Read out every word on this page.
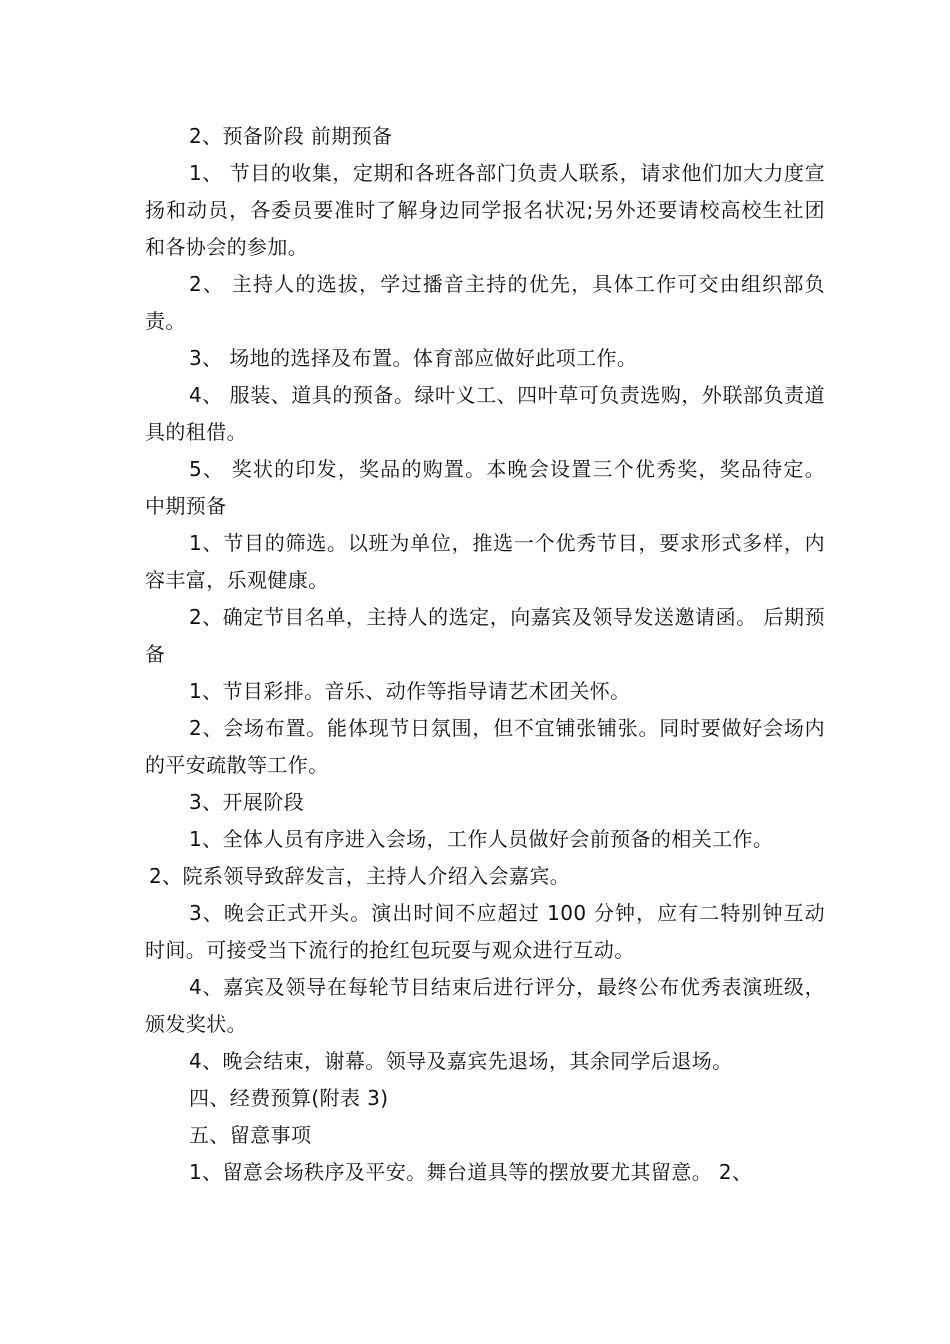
2、预备阶段 前期预备

1、 节目的收集，定期和各班各部门负责人联系，请求他们加大力度宣扬和动员，各委员要准时了解身边同学报名状况;另外还要请校高校生社团和各协会的参加。

2、 主持人的选拔，学过播音主持的优先，具体工作可交由组织部负责。

3、 场地的选择及布置。体育部应做好此项工作。

4、 服装、道具的预备。绿叶义工、四叶草可负责选购，外联部负责道具的租借。

5、 奖状的印发，奖品的购置。本晚会设置三个优秀奖，奖品待定。 中期预备

1、节目的筛选。以班为单位，推选一个优秀节目，要求形式多样，内容丰富，乐观健康。

2、确定节目名单，主持人的选定，向嘉宾及领导发送邀请函。 后期预备

1、节目彩排。音乐、动作等指导请艺术团关怀。

2、会场布置。能体现节日氛围，但不宜铺张铺张。同时要做好会场内的平安疏散等工作。

3、开展阶段

1、全体人员有序进入会场，工作人员做好会前预备的相关工作。

2、院系领导致辞发言，主持人介绍入会嘉宾。

3、晚会正式开头。演出时间不应超过 100 分钟，应有二特别钟互动时间。可接受当下流行的抢红包玩耍与观众进行互动。

4、嘉宾及领导在每轮节目结束后进行评分，最终公布优秀表演班级，颁发奖状。

4、晚会结束，谢幕。领导及嘉宾先退场，其余同学后退场。

四、经费预算(附表 3)

五、留意事项

1、留意会场秩序及平安。舞台道具等的摆放要尤其留意。 2、
